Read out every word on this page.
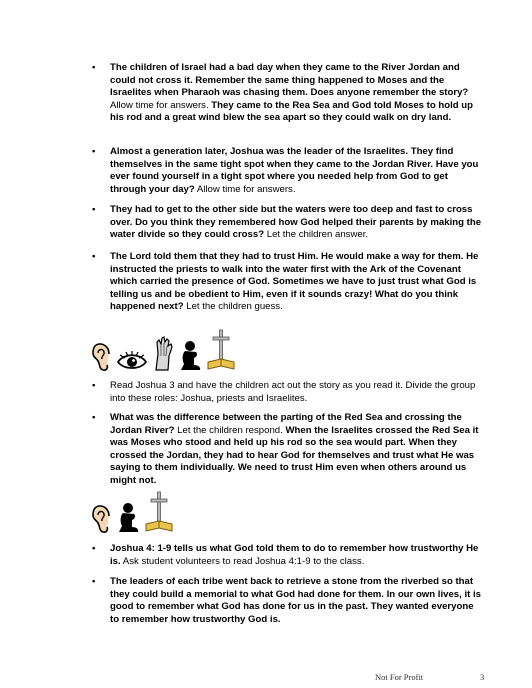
• The children of Israel had a bad day when they came to the River Jordan and could not cross it. Remember the same thing happened to Moses and the Israelites when Pharaoh was chasing them. Does anyone remember the story? Allow time for answers. They came to the Rea Sea and God told Moses to hold up his rod and a great wind blew the sea apart so they could walk on dry land.

• Almost a generation later, Joshua was the leader of the Israelites. They find themselves in the same tight spot when they came to the Jordan River. Have you ever found yourself in a tight spot where you needed help from God to get through your day? Allow time for answers.

• They had to get to the other side but the waters were too deep and fast to cross over. Do you think they remembered how God helped their parents by making the water divide so they could cross? Let the children answer.

• The Lord told them that they had to trust Him. He would make a way for them. He instructed the priests to walk into the water first with the Ark of the Covenant which carried the presence of God. Sometimes we have to just trust what God is telling us and be obedient to Him, even if it sounds crazy! What do you think happened next? Let the children guess.

• Read Joshua 3 and have the children act out the story as you read it. Divide the group into these roles: Joshua, priests and Israelites.

• What was the difference between the parting of the Red Sea and crossing the Jordan River? Let the children respond. When the Israelites crossed the Red Sea it was Moses who stood and held up his rod so the sea would part. When they crossed the Jordan, they had to hear God for themselves and trust what He was saying to them individually. We need to trust Him even when others around us might not.

• Joshua 4: 1-9 tells us what God told them to do to remember how trustworthy He is. Ask student volunteers to read Joshua 4:1-9 to the class.

• The leaders of each tribe went back to retrieve a stone from the riverbed so that they could build a memorial to what God had done for them. In our own lives, it is good to remember what God has done for us in the past. They wanted everyone to remember how trustworthy God is.

Not For Profit	3
